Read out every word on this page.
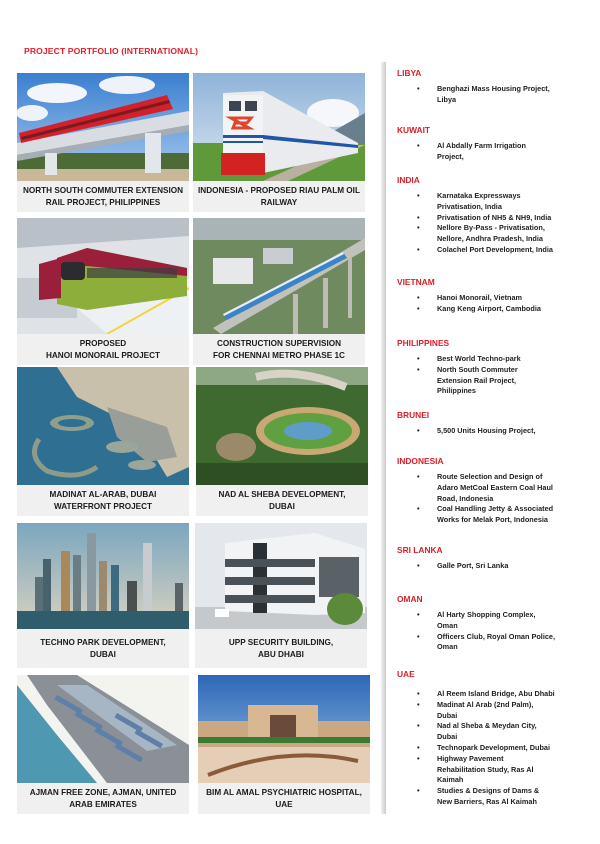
PROJECT PORTFOLIO (INTERNATIONAL)
NORTH SOUTH COMMUTER EXTENSION
RAIL PROJECT, PHILIPPINES
INDONESIA - PROPOSED RIAU PALM OIL
RAILWAY
PROPOSED
HANOI MONORAIL PROJECT
CONSTRUCTION SUPERVISION
FOR CHENNAI METRO PHASE 1C
MADINAT AL-ARAB, DUBAI
WATERFRONT PROJECT
NAD AL SHEBA DEVELOPMENT,
DUBAI
TECHNO PARK DEVELOPMENT,
DUBAI
UPP SECURITY BUILDING,
ABU DHABI
AJMAN FREE ZONE, AJMAN, UNITED
ARAB EMIRATES
BIM AL AMAL PSYCHIATRIC HOSPITAL,
UAE
LIBYA
• Benghazi Mass Housing Project,
Libya
KUWAIT
• Al Abdally Farm Irrigation
Project,
INDIA
• Karnataka Expressways
Privatisation, India
• Privatisation of NH5 & NH9, India
• Nellore By-Pass - Privatisation,
Nellore, Andhra Pradesh, India
• Colachel Port Development, India
VIETNAM
• Hanoi Monorail, Vietnam
• Kang Keng Airport, Cambodia
PHILIPPINES
• Best World Techno-park
• North South Commuter
Extension Rail Project,
Philippines
BRUNEI
• 5,500 Units Housing Project,
INDONESIA
• Route Selection and Design of
Adaro MetCoal Eastern Coal Haul
Road, Indonesia
• Coal Handling Jetty & Associated
Works for Melak Port, Indonesia
SRI LANKA
• Galle Port, Sri Lanka
OMAN
• Al Harty Shopping Complex,
Oman
• Officers Club, Royal Oman Police,
Oman
UAE
• Al Reem Island Bridge, Abu Dhabi
• Madinat Al Arab (2nd Palm),
Dubai
• Nad al Sheba & Meydan City,
Dubai
• Technopark Development, Dubai
• Highway Pavement
Rehabilitation Study, Ras Al
Kaimah
• Studies & Designs of Dams &
New Barriers, Ras Al Kaimah
